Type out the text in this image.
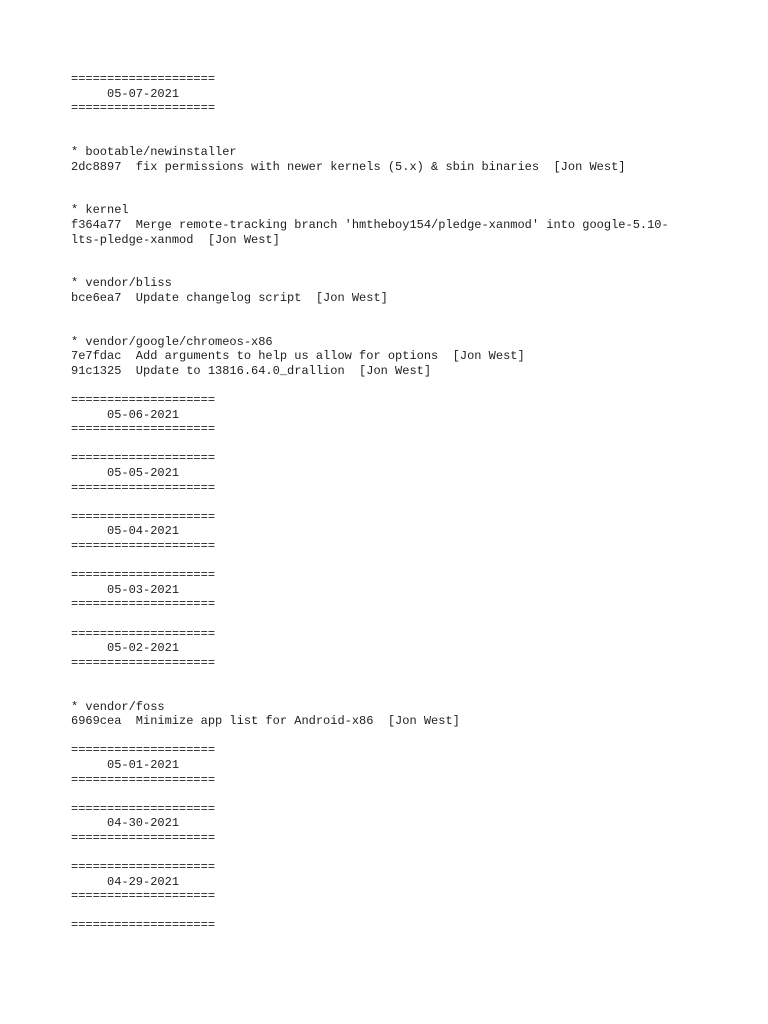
====================
05-07-2021
====================
* bootable/newinstaller
2dc8897  fix permissions with newer kernels (5.x) & sbin binaries  [Jon West]
* kernel
f364a77  Merge remote-tracking branch 'hmtheboy154/pledge-xanmod' into google-5.10-
lts-pledge-xanmod  [Jon West]
* vendor/bliss
bce6ea7  Update changelog script  [Jon West]
* vendor/google/chromeos-x86
7e7fdac  Add arguments to help us allow for options  [Jon West]
91c1325  Update to 13816.64.0_drallion  [Jon West]
====================
05-06-2021
====================
====================
05-05-2021
====================
====================
05-04-2021
====================
====================
05-03-2021
====================
====================
05-02-2021
====================
* vendor/foss
6969cea  Minimize app list for Android-x86  [Jon West]
====================
05-01-2021
====================
====================
04-30-2021
====================
====================
04-29-2021
====================
====================
